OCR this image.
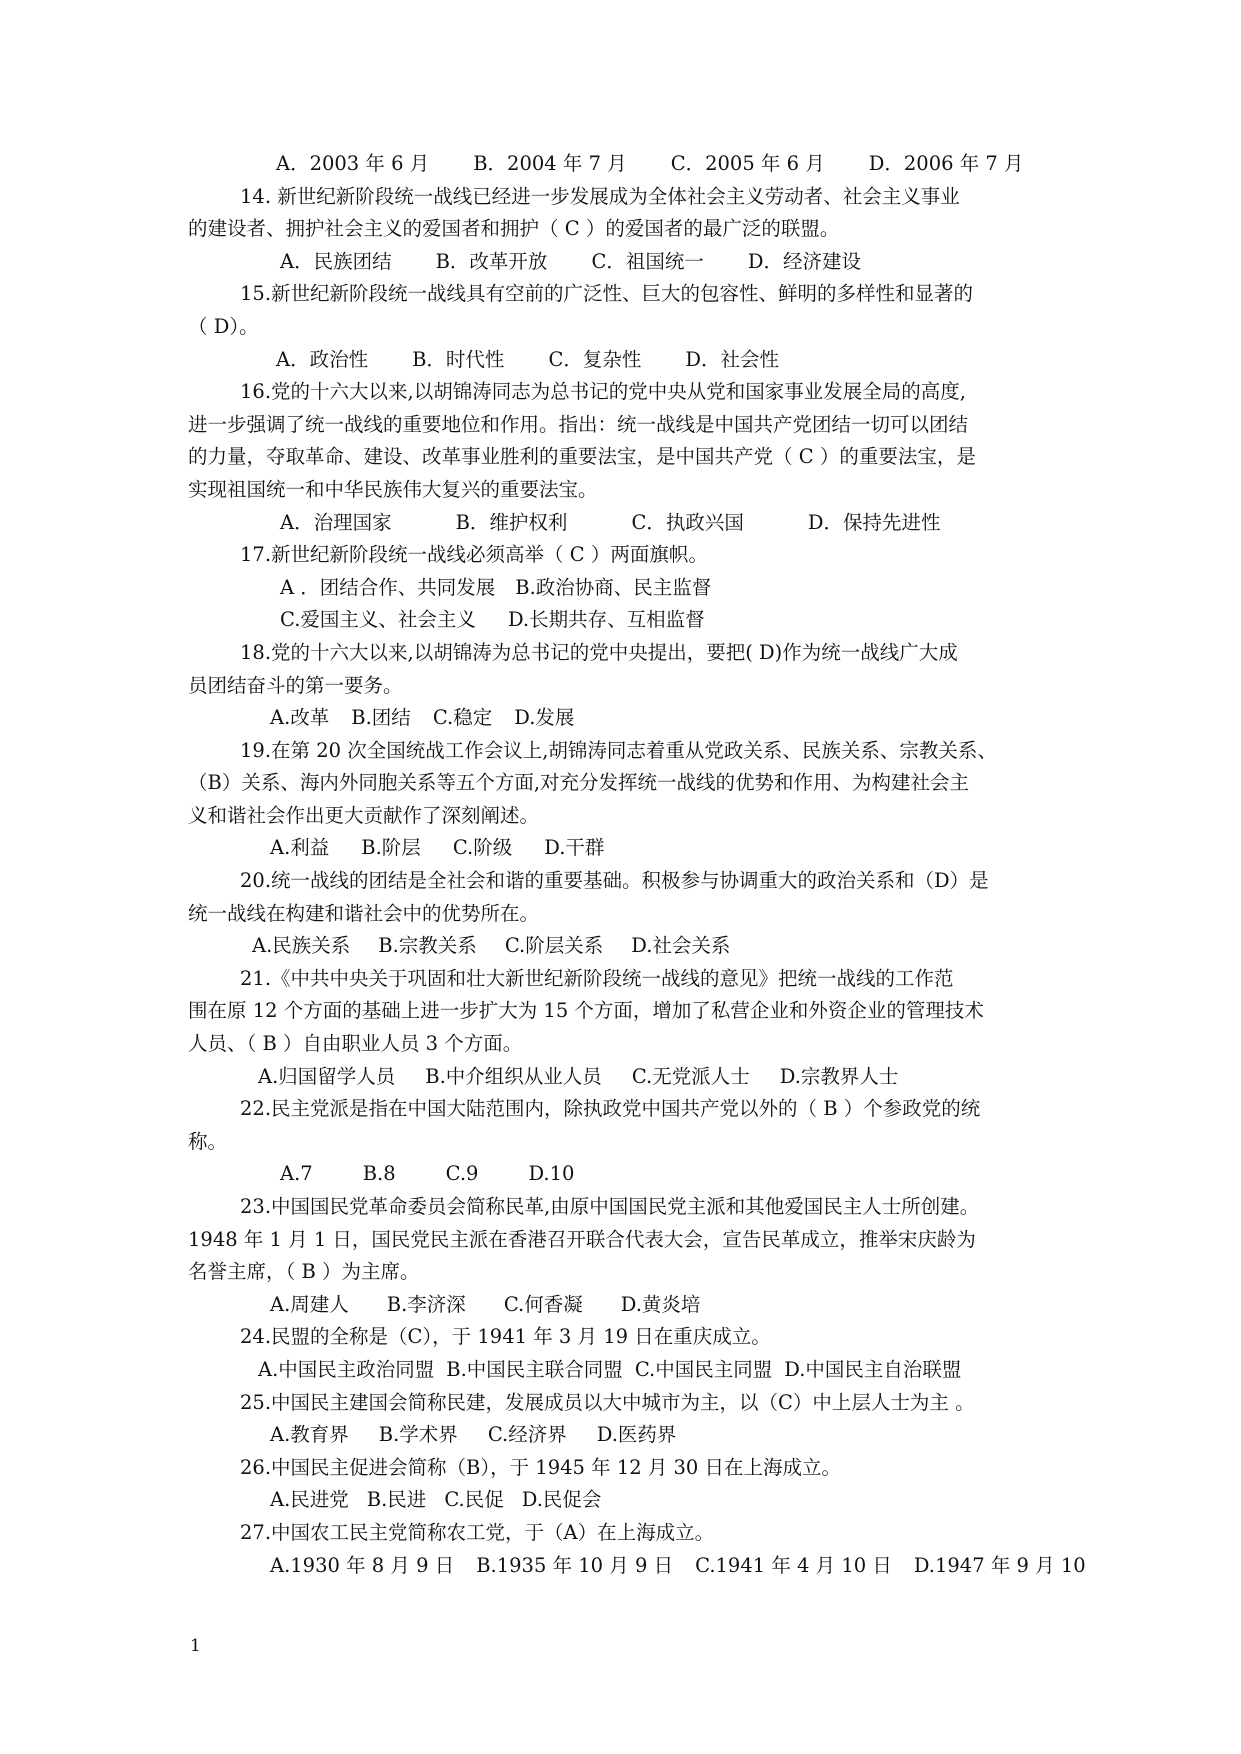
A．2003 年 6 月 B．2004 年 7 月 C．2005 年 6 月 D．2006 年 7 月
14. 新世纪新阶段统一战线已经进一步发展成为全体社会主义劳动者、社会主义事业
的建设者、拥护社会主义的爱国者和拥护（ C ）的爱国者的最广泛的联盟。
A．民族团结 B．改革开放 C．祖国统一 D．经济建设
15.新世纪新阶段统一战线具有空前的广泛性、巨大的包容性、鲜明的多样性和显著的
（ D）。
A．政治性 B．时代性 C．复杂性 D．社会性
16.党的十六大以来,以胡锦涛同志为总书记的党中央从党和国家事业发展全局的高度,
进一步强调了统一战线的重要地位和作用。指出：统一战线是中国共产党团结一切可以团结
的力量，夺取革命、建设、改革事业胜利的重要法宝，是中国共产党（ C ）的重要法宝，是
实现祖国统一和中华民族伟大复兴的重要法宝。
A．治理国家	B．维护权利	C．执政兴国	D．保持先进性
17.新世纪新阶段统一战线必须高举（ C ）两面旗帜。
A ．团结合作、共同发展 B.政治协商、民主监督
C.爱国主义、社会主义 D.长期共存、互相监督
18.党的十六大以来,以胡锦涛为总书记的党中央提出，要把( D)作为统一战线广大成
员团结奋斗的第一要务。
A.改革 B.团结 C.稳定 D.发展
19.在第 20 次全国统战工作会议上,胡锦涛同志着重从党政关系、民族关系、宗教关系、
（B）关系、海内外同胞关系等五个方面,对充分发挥统一战线的优势和作用、为构建社会主
义和谐社会作出更大贡献作了深刻阐述。
A.利益 B.阶层 C.阶级 D.干群
20.统一战线的团结是全社会和谐的重要基础。积极参与协调重大的政治关系和（D）是
统一战线在构建和谐社会中的优势所在。
A.民族关系 B.宗教关系 C.阶层关系 D.社会关系
21.《中共中央关于巩固和壮大新世纪新阶段统一战线的意见》把统一战线的工作范
围在原 12 个方面的基础上进一步扩大为 15 个方面，增加了私营企业和外资企业的管理技术
人员、（ B ）自由职业人员 3 个方面。
A.归国留学人员 B.中介组织从业人员 C.无党派人士 D.宗教界人士
22.民主党派是指在中国大陆范围内，除执政党中国共产党以外的（ B ）个参政党的统
称。
A.7	B.8	C.9	D.10
23.中国国民党革命委员会简称民革,由原中国国民党主派和其他爱国民主人士所创建。
1948 年 1 月 1 日，国民党民主派在香港召开联合代表大会，宣告民革成立，推举宋庆龄为
名誉主席，（ B ）为主席。
A.周建人 B.李济深 C.何香凝 D.黄炎培
24.民盟的全称是（C），于 1941 年 3 月 19 日在重庆成立。
A.中国民主政治同盟 B.中国民主联合同盟 C.中国民主同盟 D.中国民主自治联盟
25.中国民主建国会简称民建，发展成员以大中城市为主，以（C）中上层人士为主 。
A.教育界 B.学术界 C.经济界 D.医药界
26.中国民主促进会简称（B），于 1945 年 12 月 30 日在上海成立。
A.民进党 B.民进 C.民促 D.民促会
27.中国农工民主党简称农工党，于（A）在上海成立。
A.1930 年 8 月 9 日 B.1935 年 10 月 9 日 C.1941 年 4 月 10 日 D.1947 年 9 月 10
1
